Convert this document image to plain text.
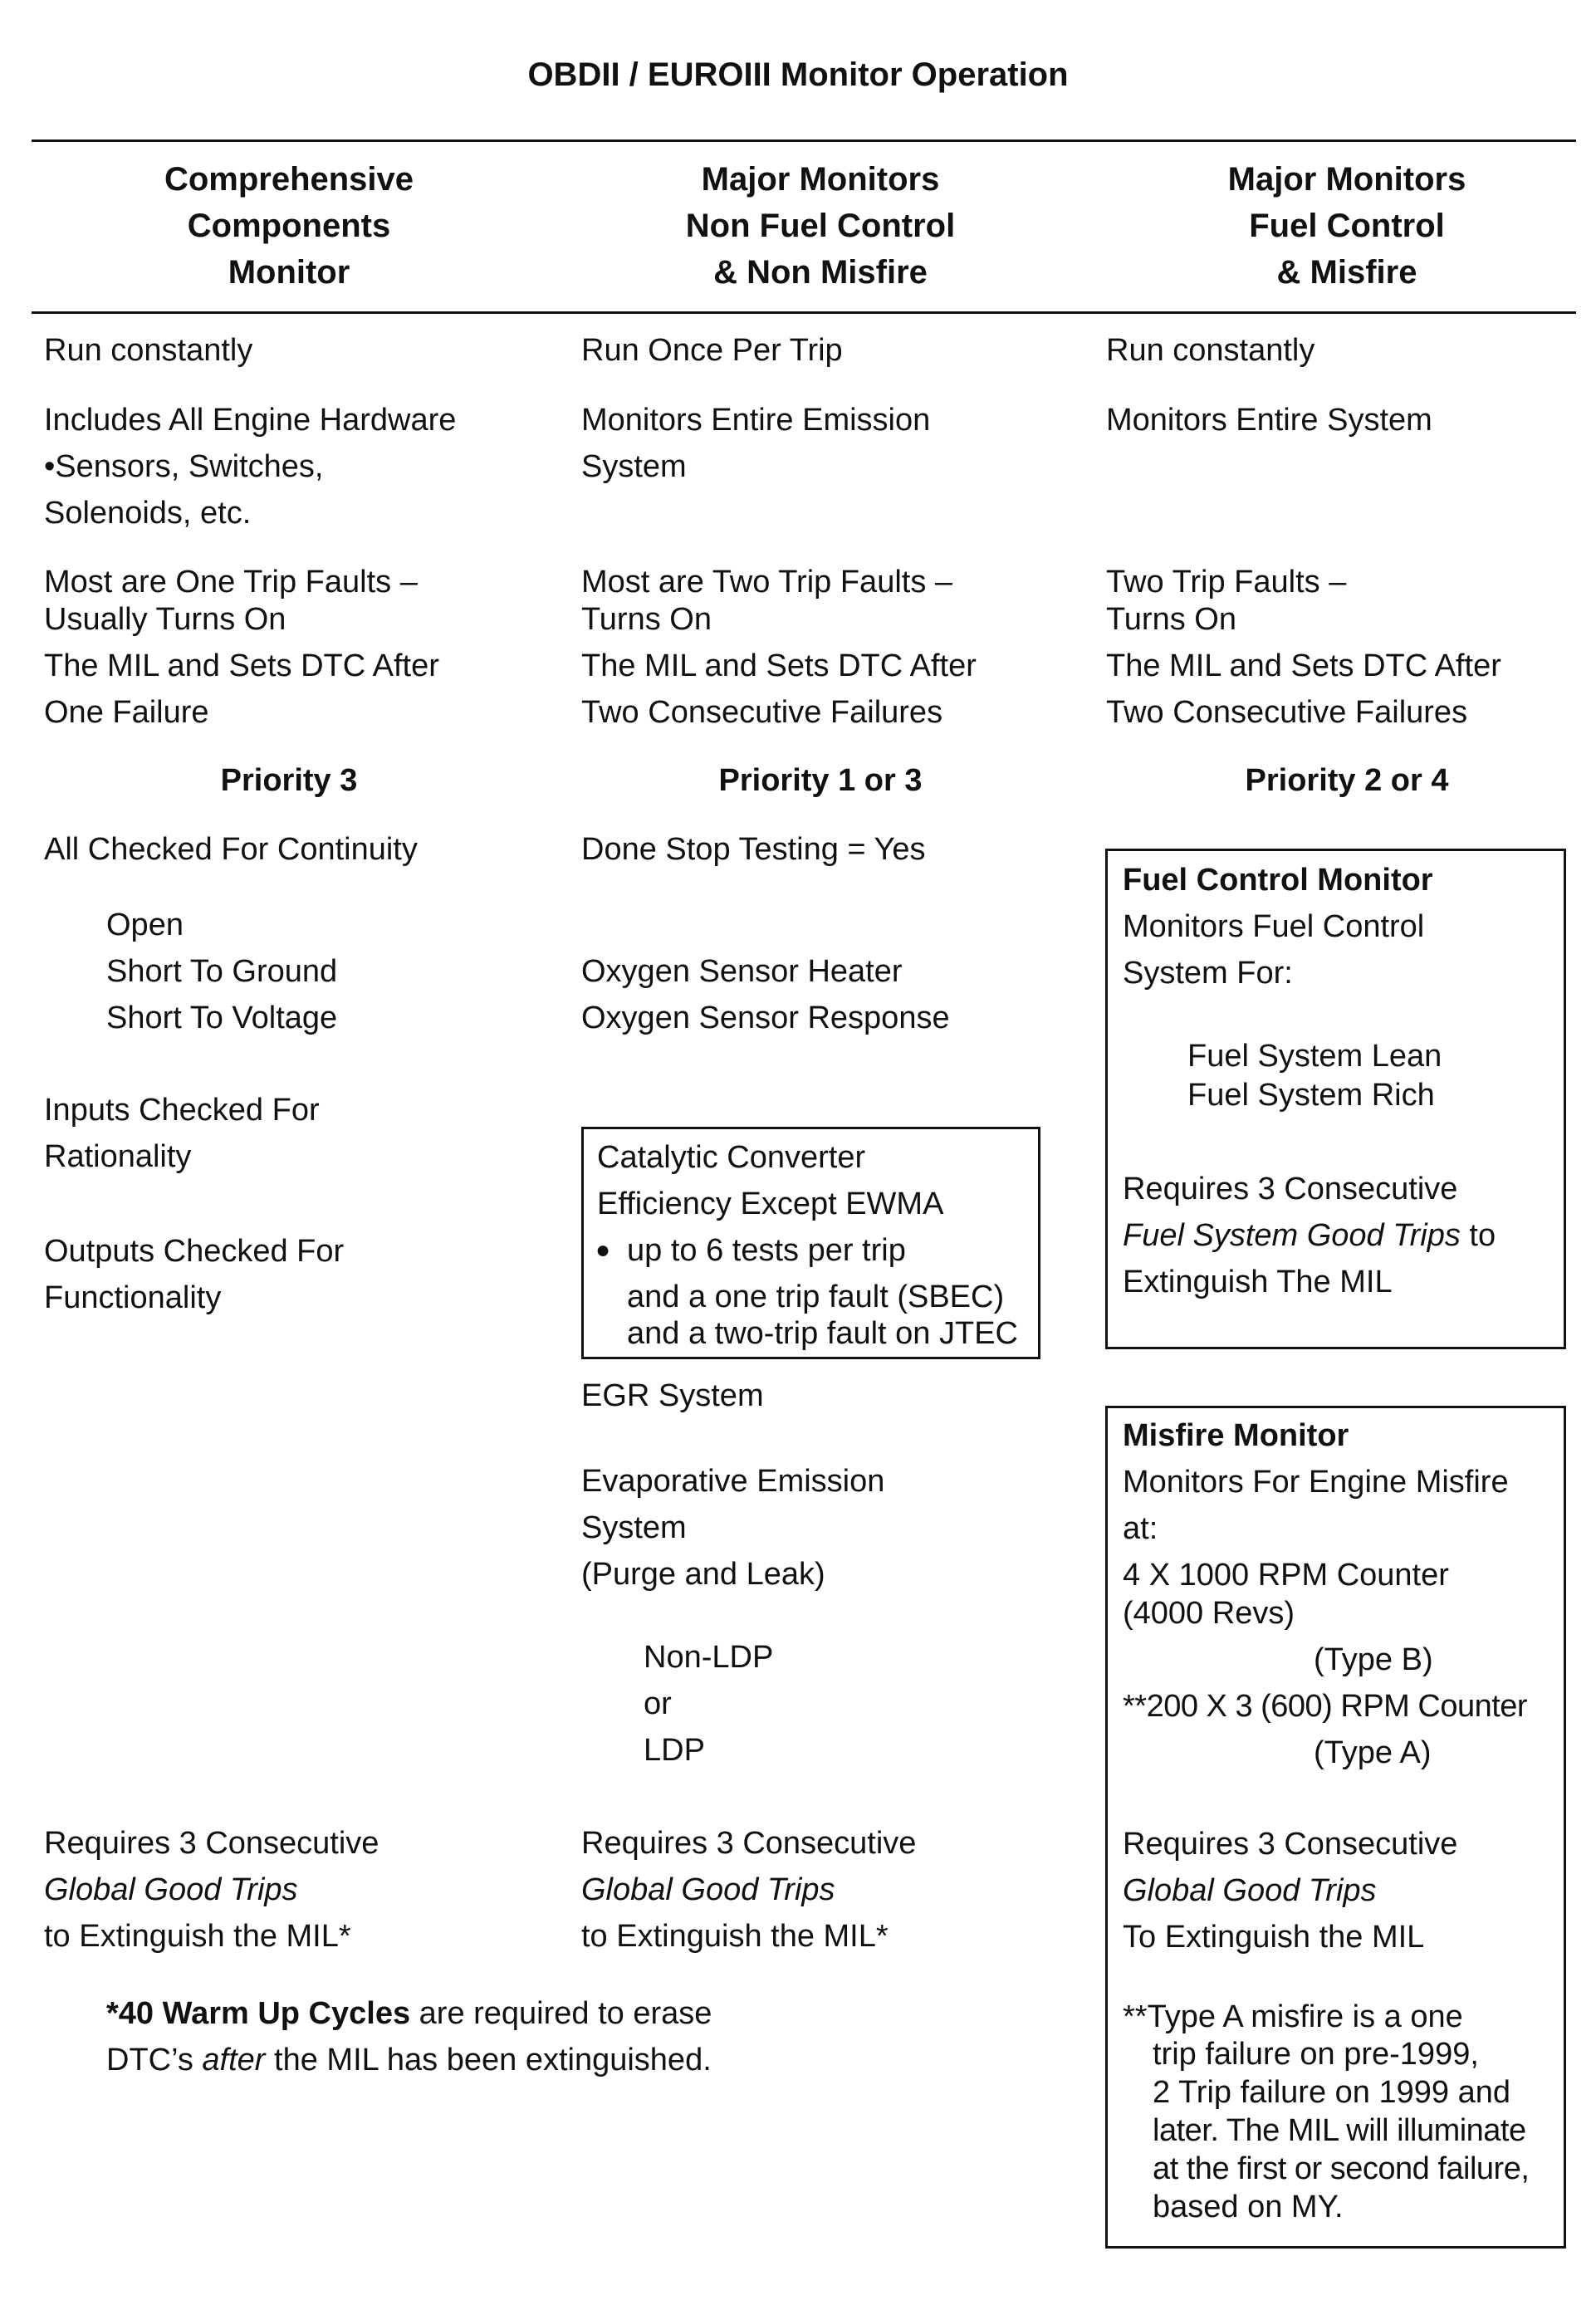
OBDII / EUROIII Monitor Operation
Comprehensive
Components
Monitor
Major Monitors
Non Fuel Control
& Non Misfire
Major Monitors
Fuel Control
& Misfire
Run constantly
Includes All Engine Hardware
•Sensors, Switches,
Solenoids, etc.
Most are One Trip Faults –
Usually Turns On
The MIL and Sets DTC After
One Failure
Priority 3
All Checked For Continuity
Open
Short To Ground
Short To Voltage
Inputs Checked For
Rationality
Outputs Checked For
Functionality
Requires 3 Consecutive
Global Good Trips
to Extinguish the MIL*
Run Once Per Trip
Monitors Entire Emission
System
Most are Two Trip Faults –
Turns On
The MIL and Sets DTC After
Two Consecutive Failures
Priority 1 or 3
Done Stop Testing = Yes
Oxygen Sensor Heater
Oxygen Sensor Response
Catalytic Converter
Efficiency Except EWMA
● up to 6 tests per trip
and a one trip fault (SBEC)
and a two-trip fault on JTEC
EGR System
Evaporative Emission
System
(Purge and Leak)
Non-LDP
or
LDP
Requires 3 Consecutive
Global Good Trips
to Extinguish the MIL*
Run constantly
Monitors Entire System
Two Trip Faults –
Turns On
The MIL and Sets DTC After
Two Consecutive Failures
Priority 2 or 4
Fuel Control Monitor
Monitors Fuel Control
System For:
Fuel System Lean
Fuel System Rich
Requires 3 Consecutive
Fuel System Good Trips to
Extinguish The MIL
Misfire Monitor
Monitors For Engine Misfire
at:
4 X 1000 RPM Counter
(4000 Revs)
(Type B)
**200 X 3 (600) RPM Counter
(Type A)
Requires 3 Consecutive
Global Good Trips
To Extinguish the MIL
**Type A misfire is a one
trip failure on pre-1999,
2 Trip failure on 1999 and
later. The MIL will illuminate
at the first or second failure,
based on MY.
*40 Warm Up Cycles are required to erase
DTC’s after the MIL has been extinguished.
